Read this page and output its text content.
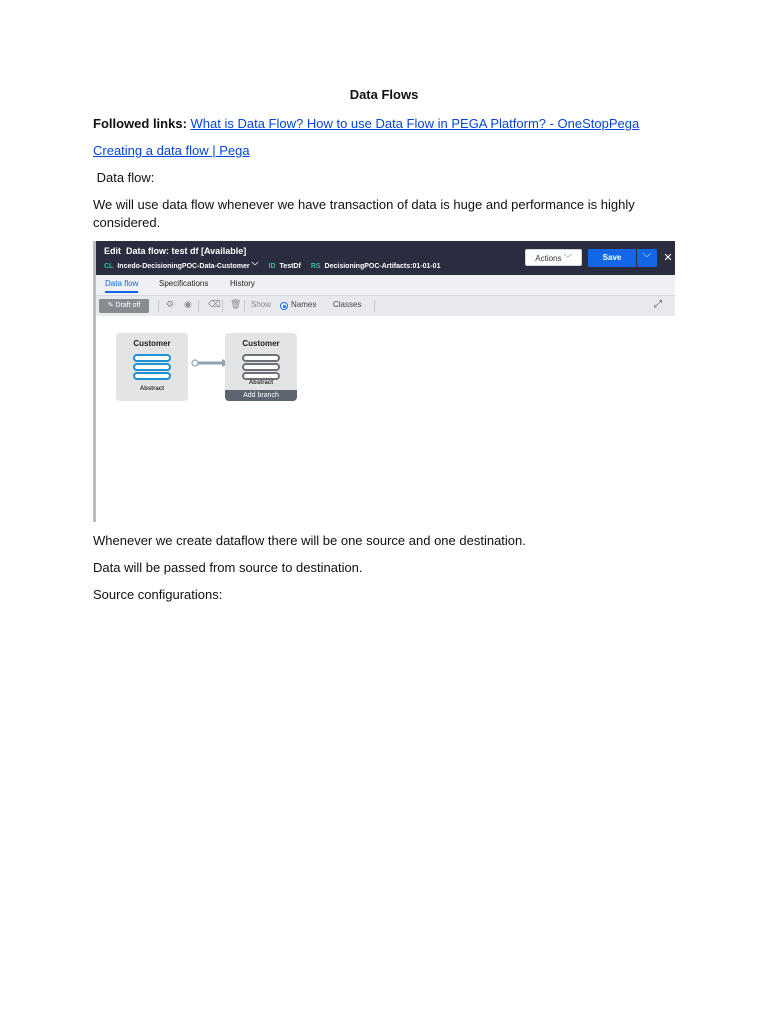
Data Flows
Followed links: What is Data Flow? How to use Data Flow in PEGA Platform? - OneStopPega
Creating a data flow | Pega
Data flow:
We will use data flow whenever we have transaction of data is huge and performance is highly considered.
Edit Data flow: test df [Available]
CL Incedo-DecisioningPOC-Data-Customer ﹀ ID TestDf RS DecisioningPOC-Artifacts:01-01-01
Actions ﹀	Save	﹀	✕
Data flow	Specifications	History
✎ Draft off	⚙ ◉ ⌫ 🗑 Show Names Classes	⤢
Customer
Abstract
Customer
Abstract
Add branch
Whenever we create dataflow there will be one source and one destination.
Data will be passed from source to destination.
Source configurations:
